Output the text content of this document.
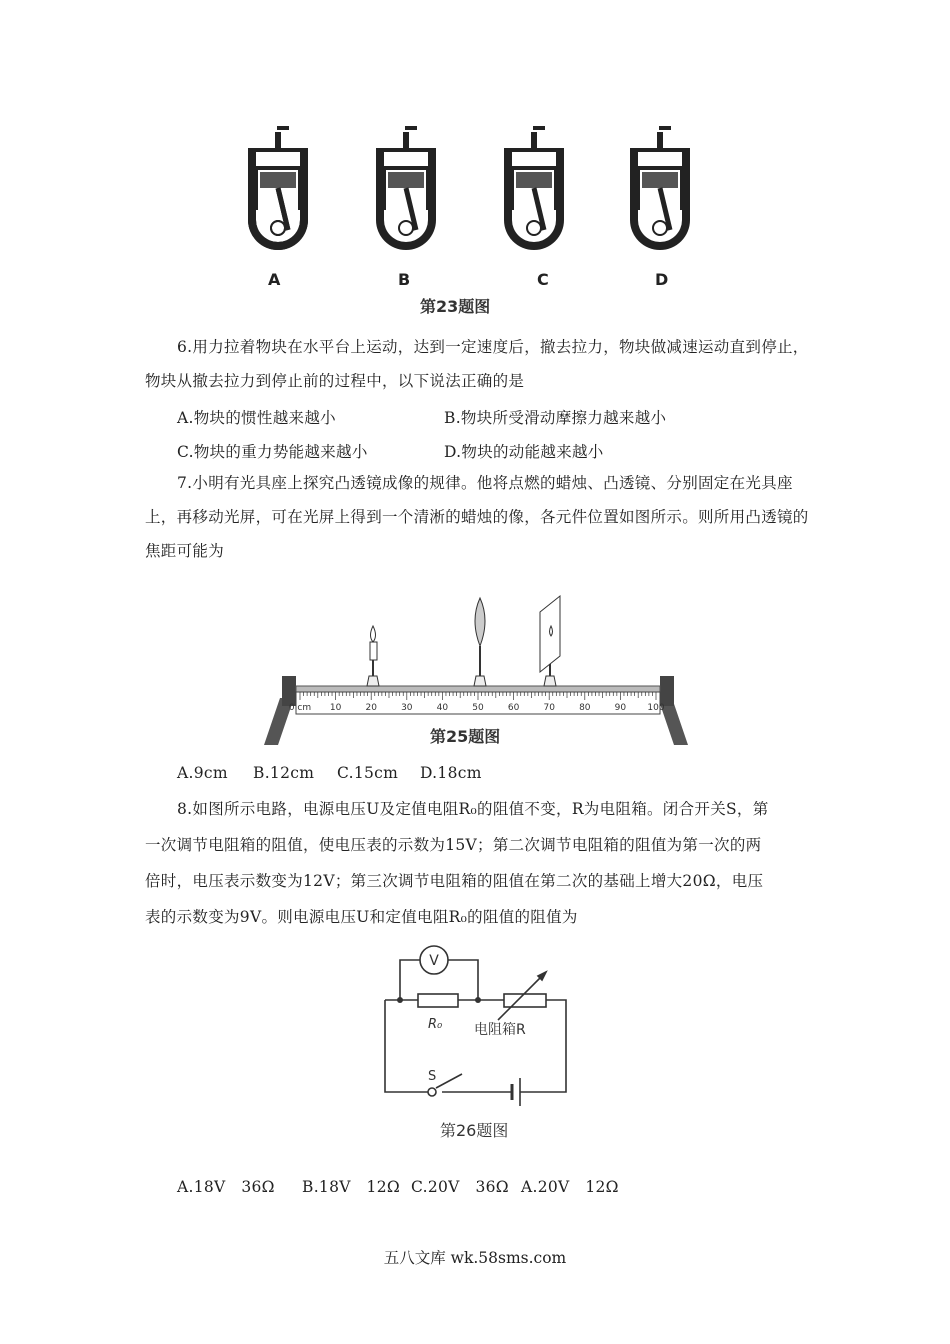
A	B	C	D
第23题图
6.用力拉着物块在水平台上运动，达到一定速度后，撤去拉力，物块做减速运动直到停止，物块从撤去拉力到停止前的过程中，以下说法正确的是
A.物块的惯性越来越小	B.物块所受滑动摩擦力越来越小
C.物块的重力势能越来越小	D.物块的动能越来越小
7.小明有光具座上探究凸透镜成像的规律。他将点燃的蜡烛、凸透镜、分别固定在光具座上，再移动光屏，可在光屏上得到一个清淅的蜡烛的像，各元件位置如图所示。则所用凸透镜的焦距可能为
0 cm 10	20	30	40	50	60	70	80	90 100
第25题图
A.9cm B.12cm C.15cm D.18cm
8.如图所示电路，电源电压U及定值电阻R₀的阻值不变，R为电阻箱。闭合开关S，第
一次调节电阻箱的阻值，使电压表的示数为15V；第二次调节电阻箱的阻值为第一次的两
倍时，电压表示数变为12V；第三次调节电阻箱的阻值在第二次的基础上增大20Ω，电压
表的示数变为9V。则电源电压U和定值电阻R₀的阻值的阻值为
V
R₀ 电阻箱R
S
第26题图
A.18V　36Ω B.18V　12Ω C.20V　36Ω A.20V　12Ω
五八文库 wk.58sms.com
